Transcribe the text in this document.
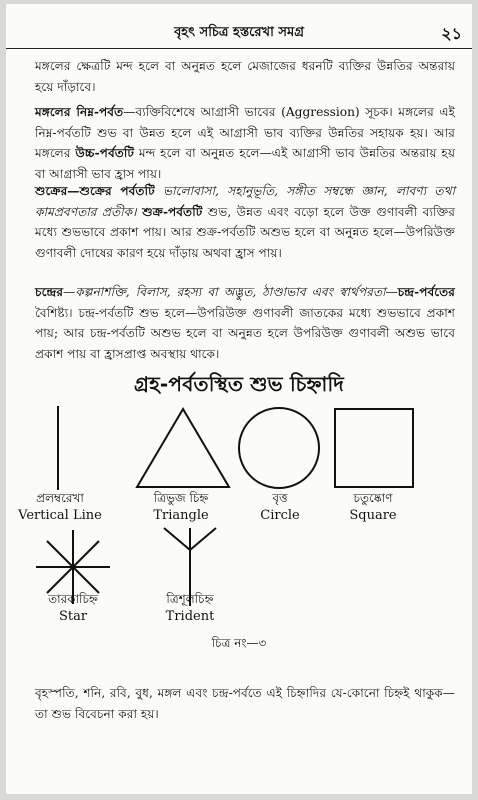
বৃহৎ সচিত্র হস্তরেখা সমগ্র	২১
মঙ্গলের ক্ষেত্রটি মন্দ হলে বা অনুন্নত হলে মেজাজের ধরনটি ব্যক্তির উন্নতির অন্তরায় হয়ে দাঁড়াবে।
মঙ্গলের নিম্ন-পর্বত—ব্যক্তিবিশেষে আগ্রাসী ভাবের (Aggression) সূচক। মঙ্গলের এই নিম্ন-পর্বতটি শুভ বা উন্নত হলে এই আগ্রাসী ভাব ব্যক্তির উন্নতির সহায়ক হয়। আর মঙ্গলের উচ্চ-পর্বতটি মন্দ হলে বা অনুন্নত হলে—এই আগ্রাসী ভাব উন্নতির অন্তরায় হয় বা আগ্রাসী ভাব হ্রাস পায়।
শুক্রের—শুক্রের পর্বতটি ভালোবাসা, সহানুভূতি, সঙ্গীত সম্বন্ধে জ্ঞান, লাবণ্য তথা কামপ্রবণতার প্রতীক। শুক্র-পর্বতটি শুভ, উন্নত এবং বড়ো হলে উক্ত গুণাবলী ব্যক্তির মধ্যে শুভভাবে প্রকাশ পায়। আর শুক্র-পর্বতটি অশুভ হলে বা অনুন্নত হলে—উপরিউক্ত গুণাবলী দোষের কারণ হয়ে দাঁড়ায় অথবা হ্রাস পায়।
চন্দ্রের—কল্পনাশক্তি, বিলাস, রহস্য বা অদ্ভুত, ঠাণ্ডাভাব এবং স্বার্থপরতা—চন্দ্র-পর্বতের বৈশিষ্ট্য। চন্দ্র-পর্বতটি শুভ হলে—উপরিউক্ত গুণাবলী জাতকের মধ্যে শুভভাবে প্রকাশ পায়; আর চন্দ্র-পর্বতটি অশুভ হলে বা অনুন্নত হলে উপরিউক্ত গুণাবলী অশুভ ভাবে প্রকাশ পায় বা হ্রাসপ্রাপ্ত অবস্থায় থাকে।
গ্রহ-পর্বতস্থিত শুভ চিহ্নাদি
প্রলম্বরেখা
Vertical Line
ত্রিভুজ চিহ্ন
Triangle
বৃত্ত
Circle
চতুষ্কোণ
Square
তারকাচিহ্ন
Star
ত্রিশূলচিহ্ন
Trident
চিত্র নং—৩
বৃহস্পতি, শনি, রবি, বুধ, মঙ্গল এবং চন্দ্র-পর্বতে এই চিহ্নাদির যে-কোনো চিহ্নই থাকুক—তা শুভ বিবেচনা করা হয়।
